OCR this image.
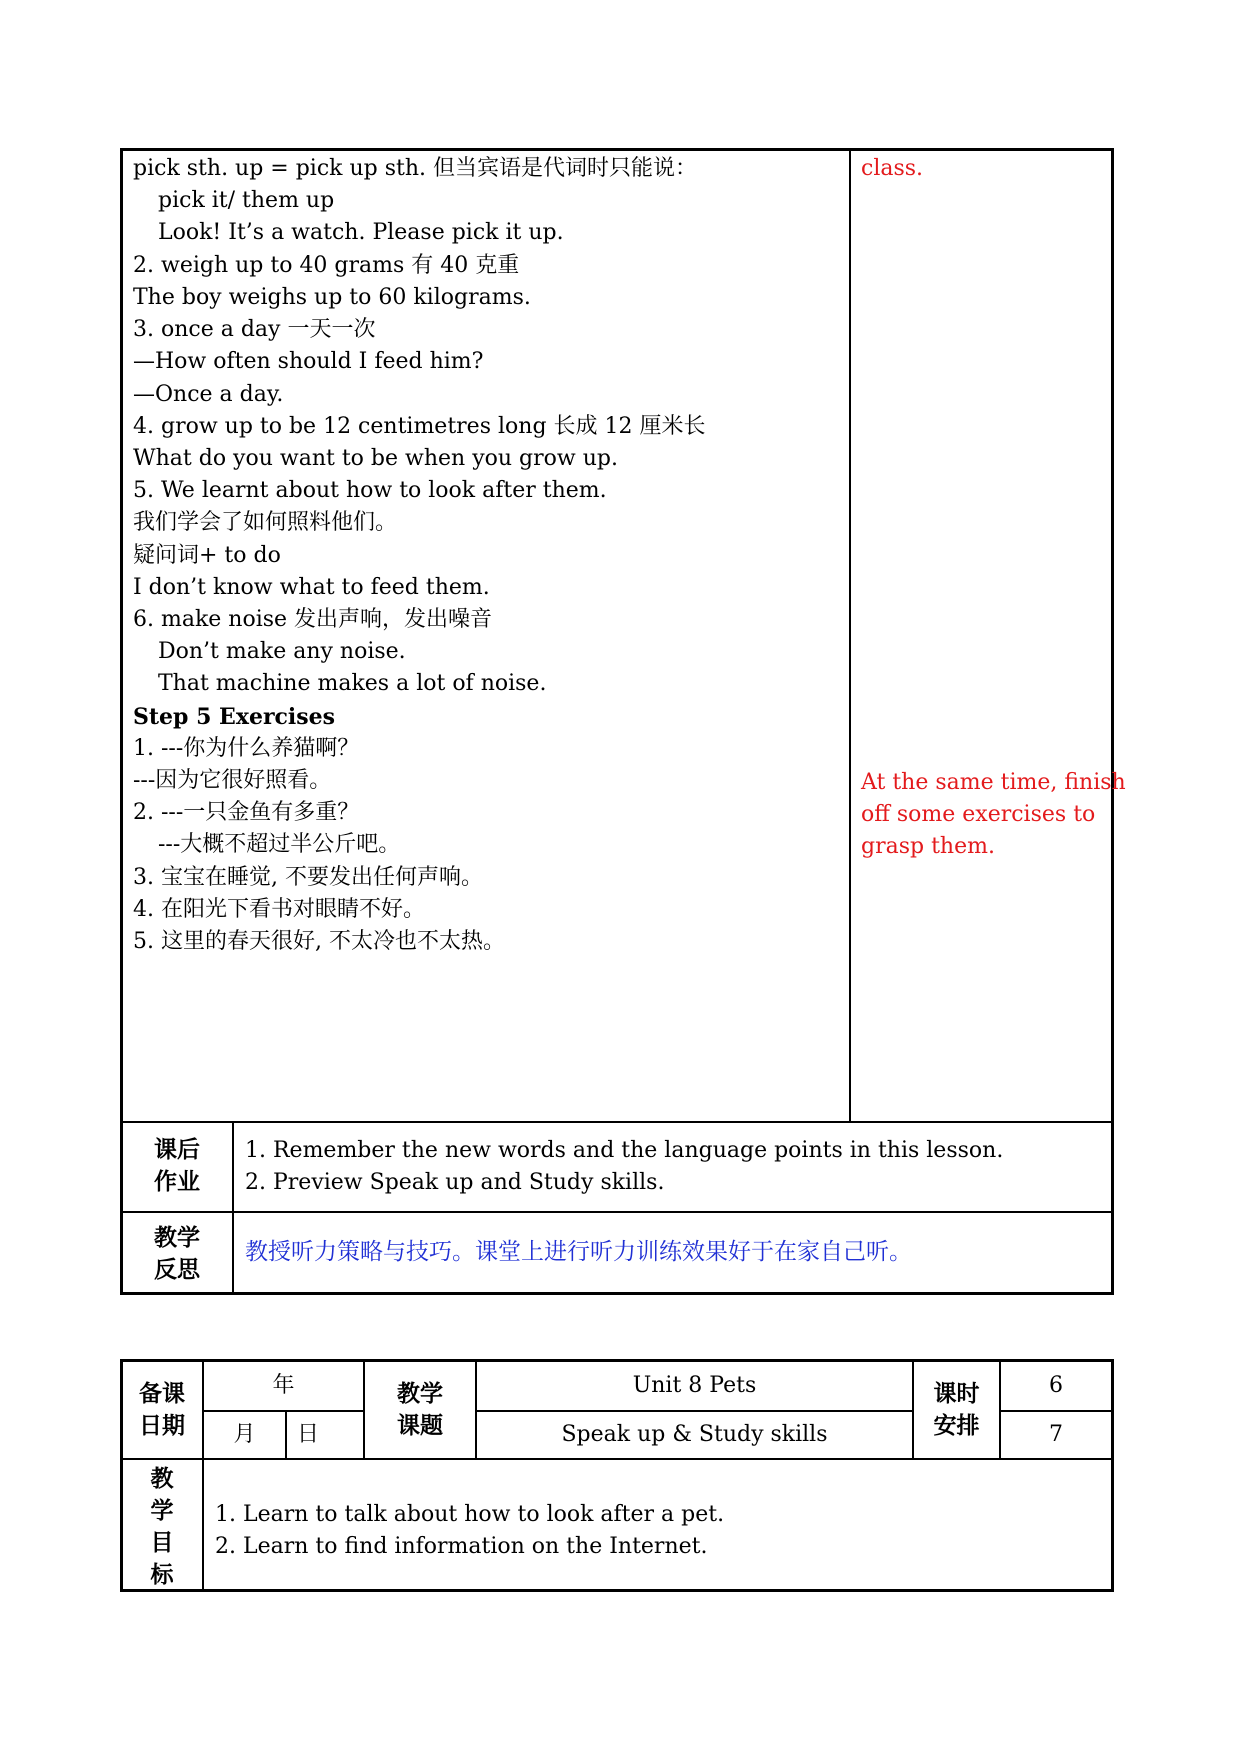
pick sth. up = pick up sth. 但当宾语是代词时只能说：
pick it/ them up
Look! It’s a watch. Please pick it up.
2. weigh up to 40 grams 有 40 克重
The boy weighs up to 60 kilograms.
3. once a day 一天一次
—How often should I feed him?
—Once a day.
4. grow up to be 12 centimetres long 长成 12 厘米长
What do you want to be when you grow up.
5. We learnt about how to look after them.
我们学会了如何照料他们。
疑问词+ to do
I don’t know what to feed them.
6. make noise 发出声响，发出噪音
Don’t make any noise.
That machine makes a lot of noise.
Step 5 Exercises
1. ---你为什么养猫啊？
---因为它很好照看。
2. ---一只金鱼有多重？
---大概不超过半公斤吧。
3. 宝宝在睡觉, 不要发出任何声响。
4. 在阳光下看书对眼睛不好。
5. 这里的春天很好, 不太冷也不太热。
class.
At the same time, finish
off some exercises to
grasp them.
课后
作业
1. Remember the new words and the language points in this lesson.
2. Preview Speak up and Study skills.
教学
反思
教授听力策略与技巧。课堂上进行听力训练效果好于在家自己听。
备课
日期
年
月	日
教学
课题
Unit 8 Pets
Speak up & Study skills
课时
安排
6
7
教
学
目
标
1. Learn to talk about how to look after a pet.
2. Learn to find information on the Internet.
